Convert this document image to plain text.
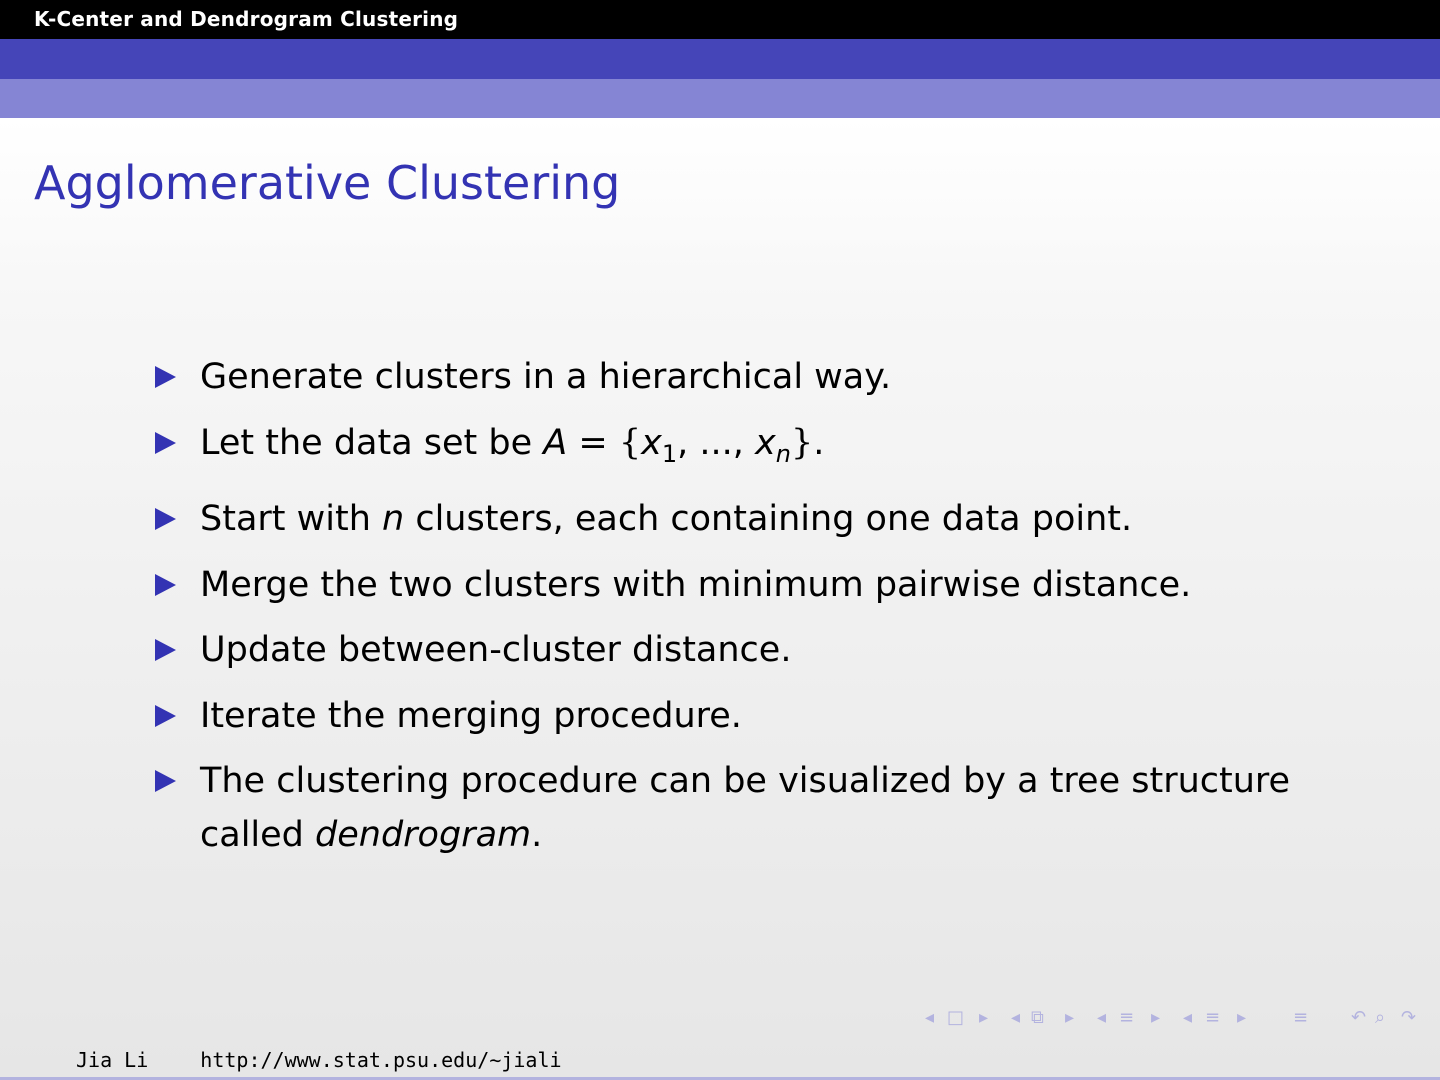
K-Center and Dendrogram Clustering
Agglomerative Clustering
Generate clusters in a hierarchical way.
Let the data set be $A = \{x_1$, ..., $x_n$}.
Start with n clusters, each containing one data point.
Merge the two clusters with minimum pairwise distance.
Update between-cluster distance.
Iterate the merging procedure.
The clustering procedure can be visualized by a tree structure called dendrogram.
◂ □ ▸ ◂ ⧉ ▸ ◂ ≡ ▸ ◂ ≡ ▸	≡ ↶ ⌕ ↷
Jia Li	http://www.stat.psu.edu/∼jiali
